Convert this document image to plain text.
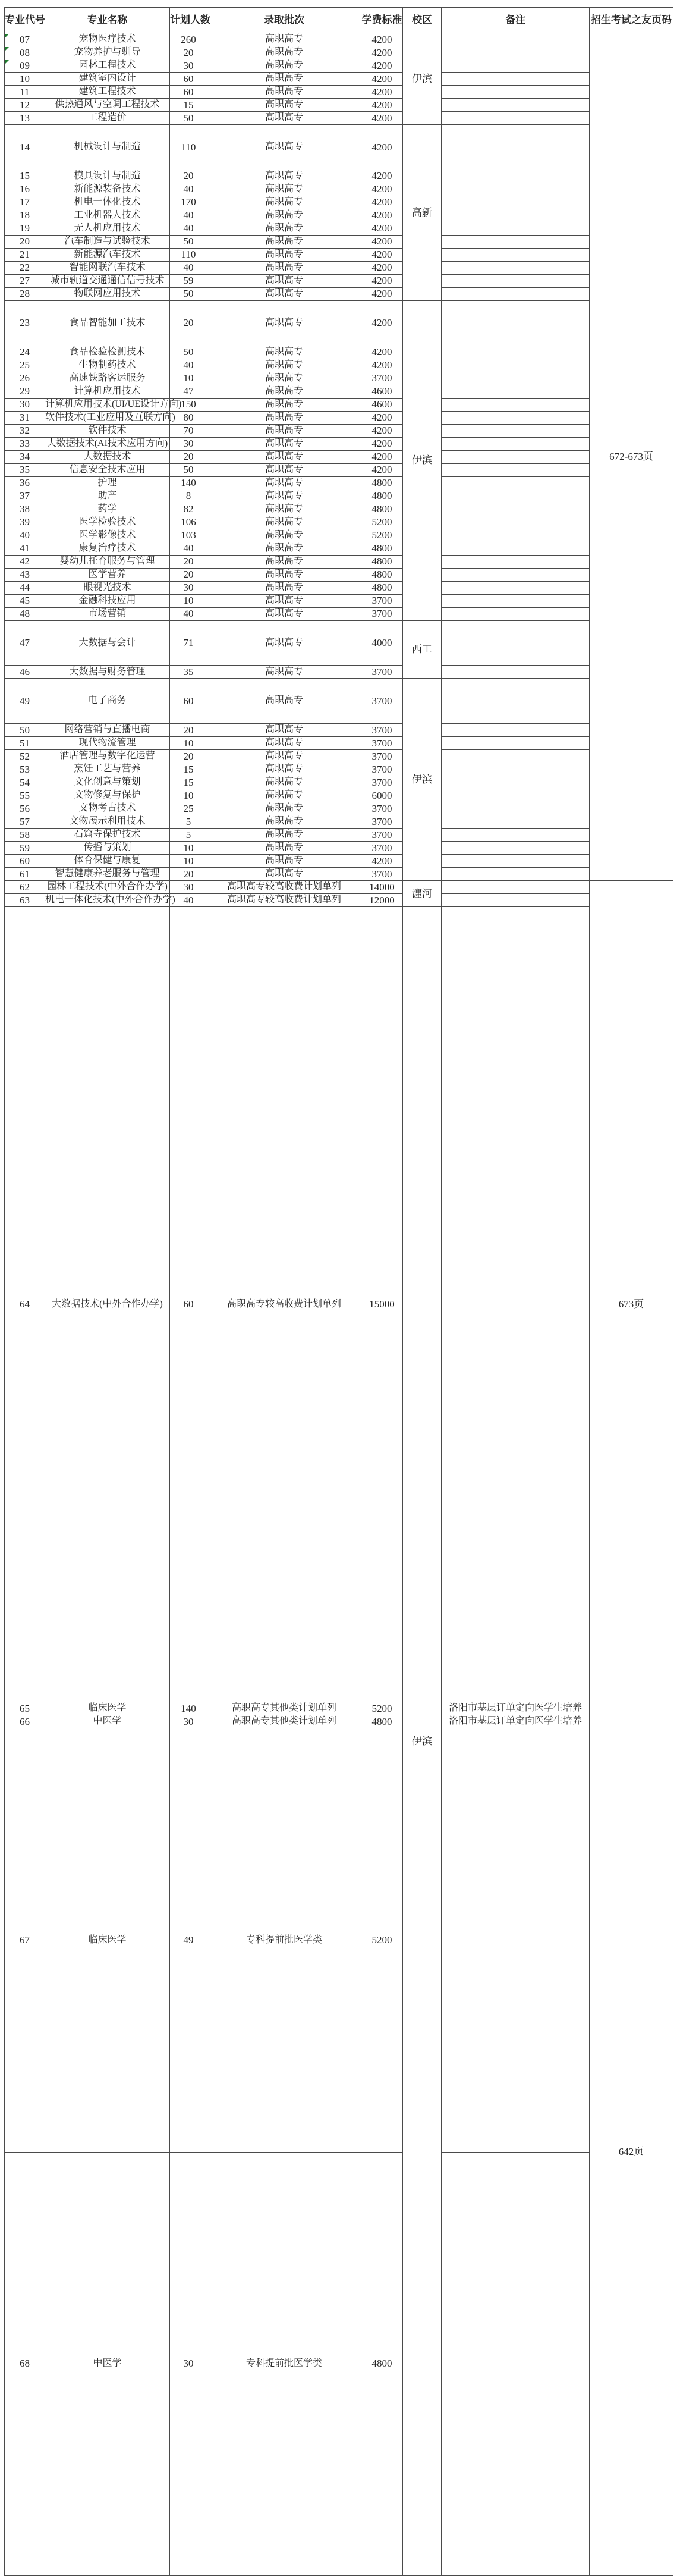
专业代号	专业名称	计划人数	录取批次	学费标准	校区	备注	招生考试之友页码

07	宠物医疗技术	260	高职高专	4200	伊滨		672-673页

08	宠物养护与驯导	20	高职高专	4200			

09	园林工程技术	30	高职高专	4200			
10	建筑室内设计	60	高职高专	4200			
11	建筑工程技术	60	高职高专	4200			
12	供热通风与空调工程技术	15	高职高专	4200			
13	工程造价	50	高职高专	4200			
14	机械设计与制造	110	高职高专	4200	高新		
15	模具设计与制造	20	高职高专	4200			
16	新能源装备技术	40	高职高专	4200			
17	机电一体化技术	170	高职高专	4200			
18	工业机器人技术	40	高职高专	4200			
19	无人机应用技术	40	高职高专	4200			
20	汽车制造与试验技术	50	高职高专	4200			
21	新能源汽车技术	110	高职高专	4200			
22	智能网联汽车技术	40	高职高专	4200			
27	城市轨道交通通信信号技术	59	高职高专	4200			
28	物联网应用技术	50	高职高专	4200			
23	食品智能加工技术	20	高职高专	4200	伊滨		
24	食品检验检测技术	50	高职高专	4200			
25	生物制药技术	40	高职高专	4200			
26	高速铁路客运服务	10	高职高专	3700			
29	计算机应用技术	47	高职高专	4600			
30	计算机应用技术(UI/UE设计方向)	150	高职高专	4600			
31	软件技术(工业应用及互联方向)	80	高职高专	4200			
32	软件技术	70	高职高专	4200			
33	大数据技术(AI技术应用方向)	30	高职高专	4200			
34	大数据技术	20	高职高专	4200			
35	信息安全技术应用	50	高职高专	4200			
36	护理	140	高职高专	4800			
37	助产	8	高职高专	4800			
38	药学	82	高职高专	4800			
39	医学检验技术	106	高职高专	5200			
40	医学影像技术	103	高职高专	5200			
41	康复治疗技术	40	高职高专	4800			
42	婴幼儿托育服务与管理	20	高职高专	4800			
43	医学营养	20	高职高专	4800			
44	眼视光技术	30	高职高专	4800			
45	金融科技应用	10	高职高专	3700			
48	市场营销	40	高职高专	3700			
47	大数据与会计	71	高职高专	4000	西工		
46	大数据与财务管理	35	高职高专	3700			
49	电子商务	60	高职高专	3700	伊滨		
50	网络营销与直播电商	20	高职高专	3700			
51	现代物流管理	10	高职高专	3700			
52	酒店管理与数字化运营	20	高职高专	3700			
53	烹饪工艺与营养	15	高职高专	3700			
54	文化创意与策划	15	高职高专	3700			
55	文物修复与保护	10	高职高专	6000			
56	文物考古技术	25	高职高专	3700			
57	文物展示利用技术	5	高职高专	3700			
58	石窟寺保护技术	5	高职高专	3700			
59	传播与策划	10	高职高专	3700			
60	体育保健与康复	10	高职高专	4200			
61	智慧健康养老服务与管理	20	高职高专	3700			
62	园林工程技术(中外合作办学)	30	高职高专较高收费计划单列	14000	瀍河		673页
63	机电一体化技术(中外合作办学)	40	高职高专较高收费计划单列	12000			
64	大数据技术(中外合作办学)	60	高职高专较高收费计划单列	15000	伊滨		
65	临床医学	140	高职高专其他类计划单列	5200		洛阳市基层订单定向医学生培养	
66	中医学	30	高职高专其他类计划单列	4800		洛阳市基层订单定向医学生培养	
67	临床医学	49	专科提前批医学类	5200			642页
68	中医学	30	专科提前批医学类	4800			
